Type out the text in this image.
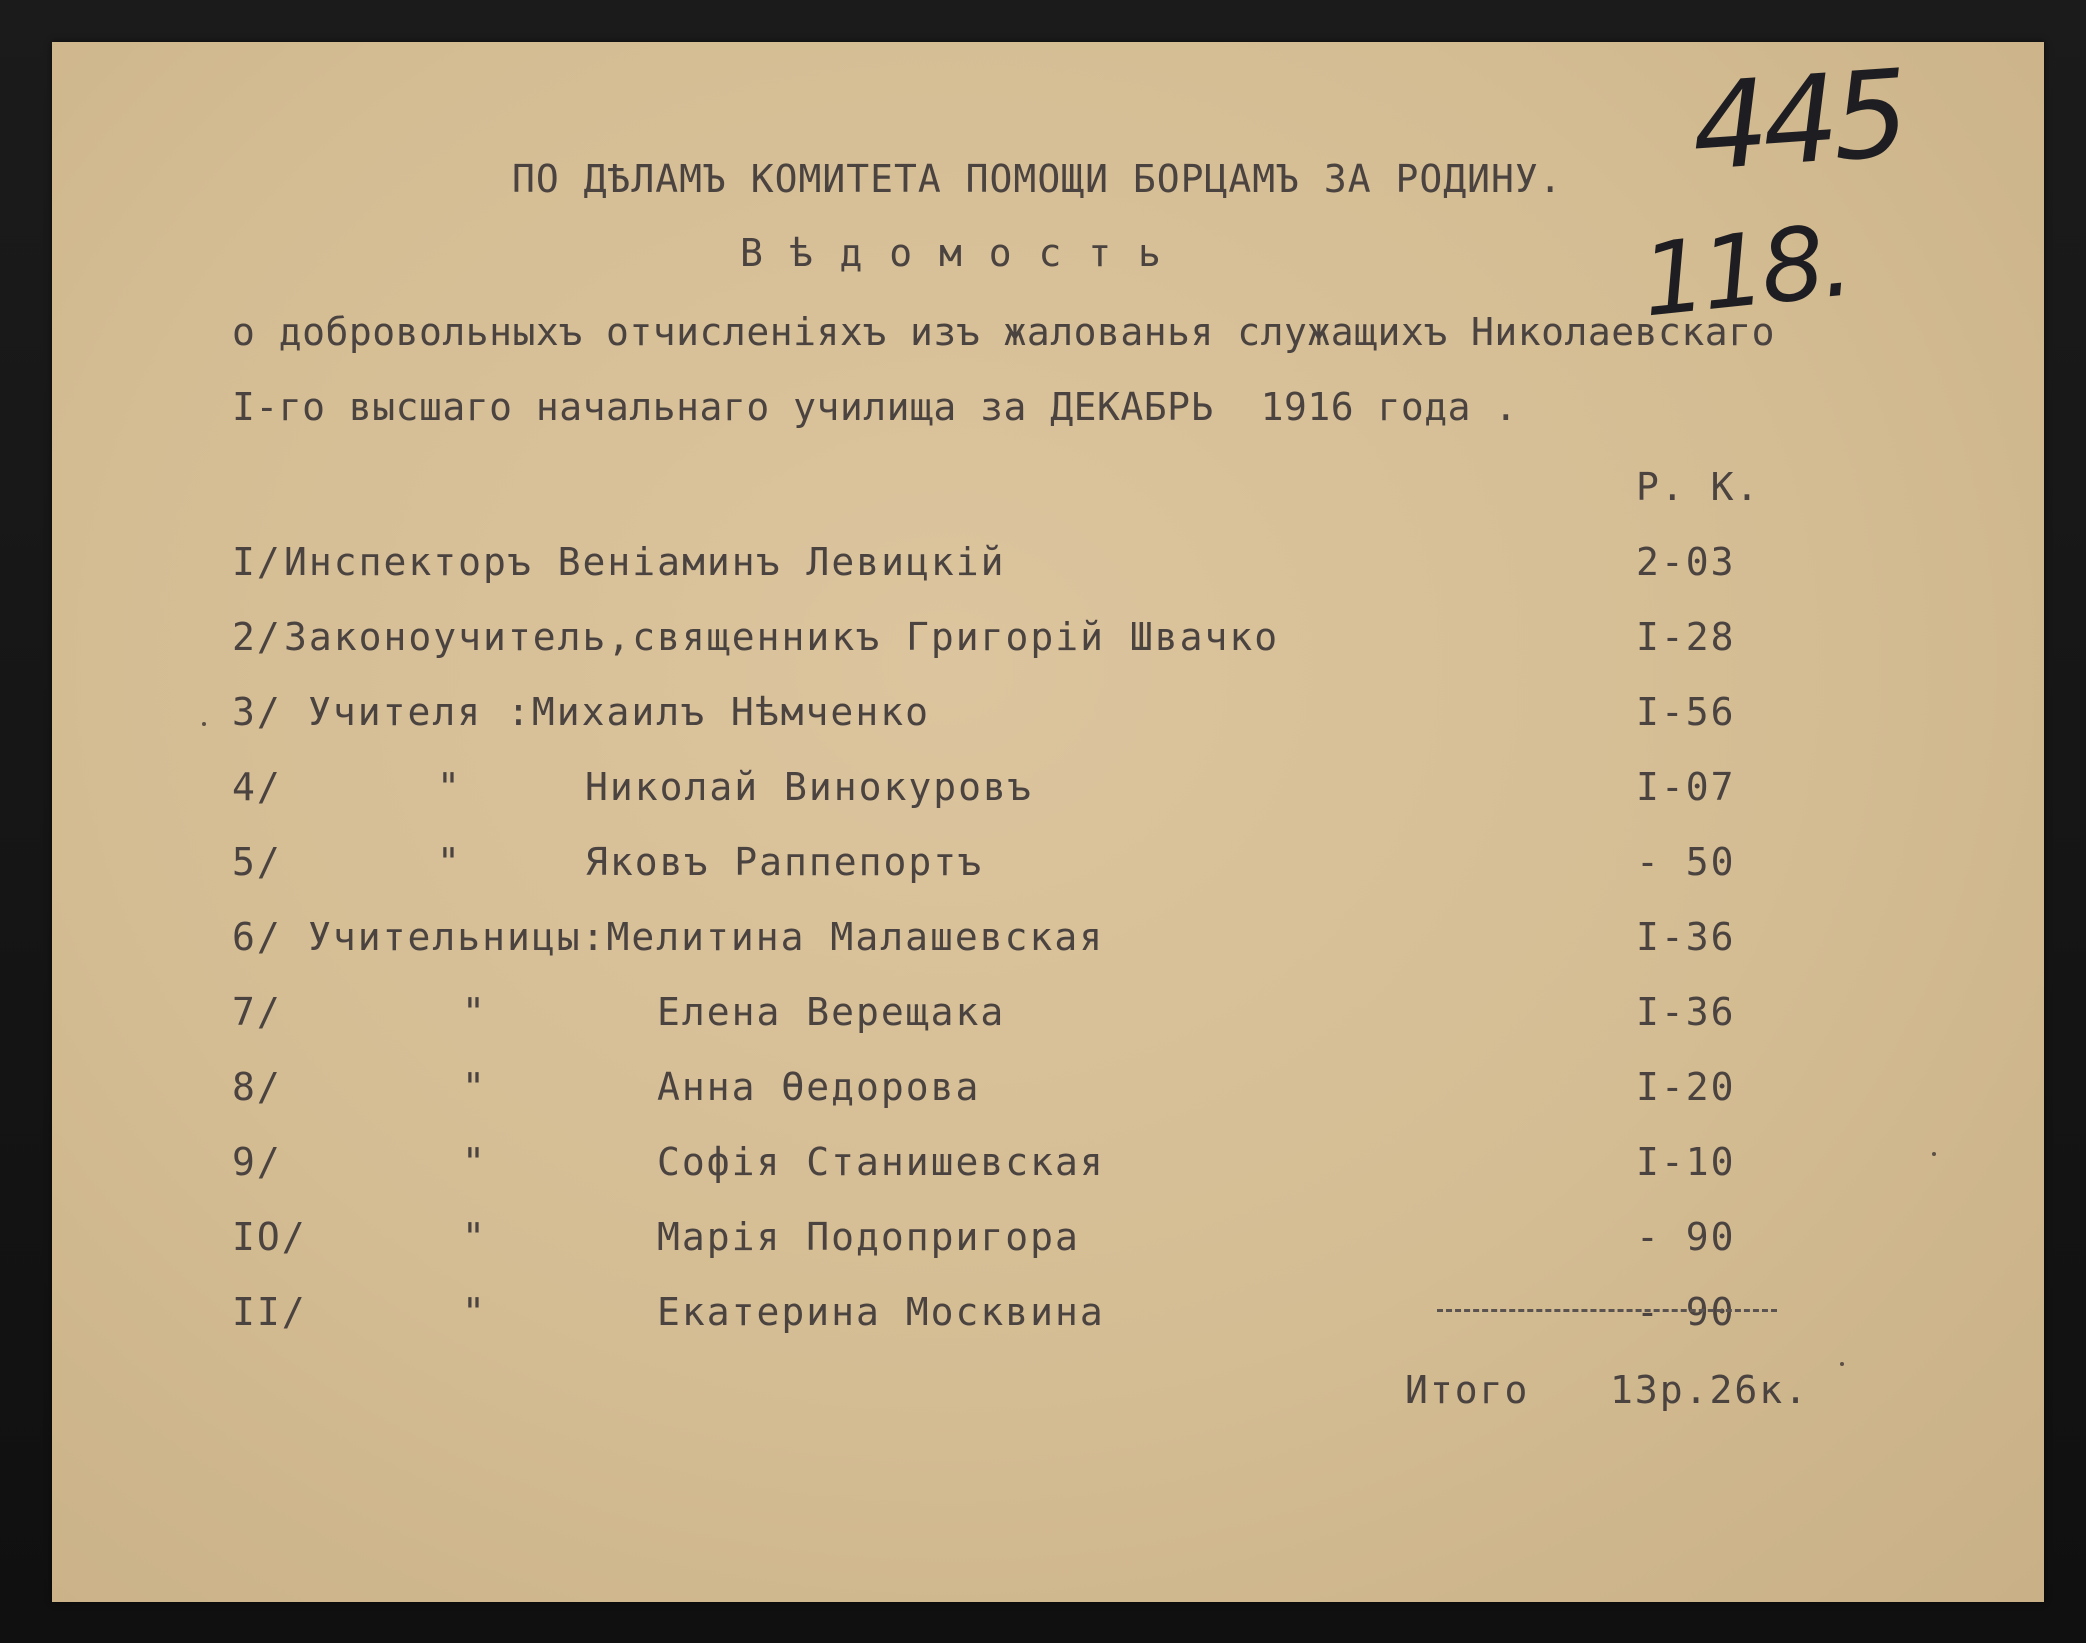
445
118.
ПО ДѢЛАМЪ КОМИТЕТА ПОМОЩИ БОРЦАМЪ ЗА РОДИНУ.
В ѣ д о м о с т ь
о добровольныхъ отчисленiяхъ изъ жалованья служащихъ Николаевскаго
I-го высшаго начальнаго училища за ДЕКАБРЬ  1916 года .
Р. К.
I/ Инспекторъ Венiаминъ Левицкiй	2-03
2/ Законоучитель,священникъ Григорiй Швачко	I-28
3/ Учителя :Михаилъ Нѣмченко	I-56
4/	"	Николай Винокуровъ	I-07
5/	"	Яковъ Раппепортъ	- 50
6/ Учительницы:Мелитина Малашевская	I-36
7/	"	Елена Верещака	I-36
8/	"	Анна Өедорова	I-20
9/	"	Софiя Станишевская	I-10
IO/	"	Марiя Подопригора	- 90
II/	"	Екатерина Москвина	- 90
Итого 13р.26к.
